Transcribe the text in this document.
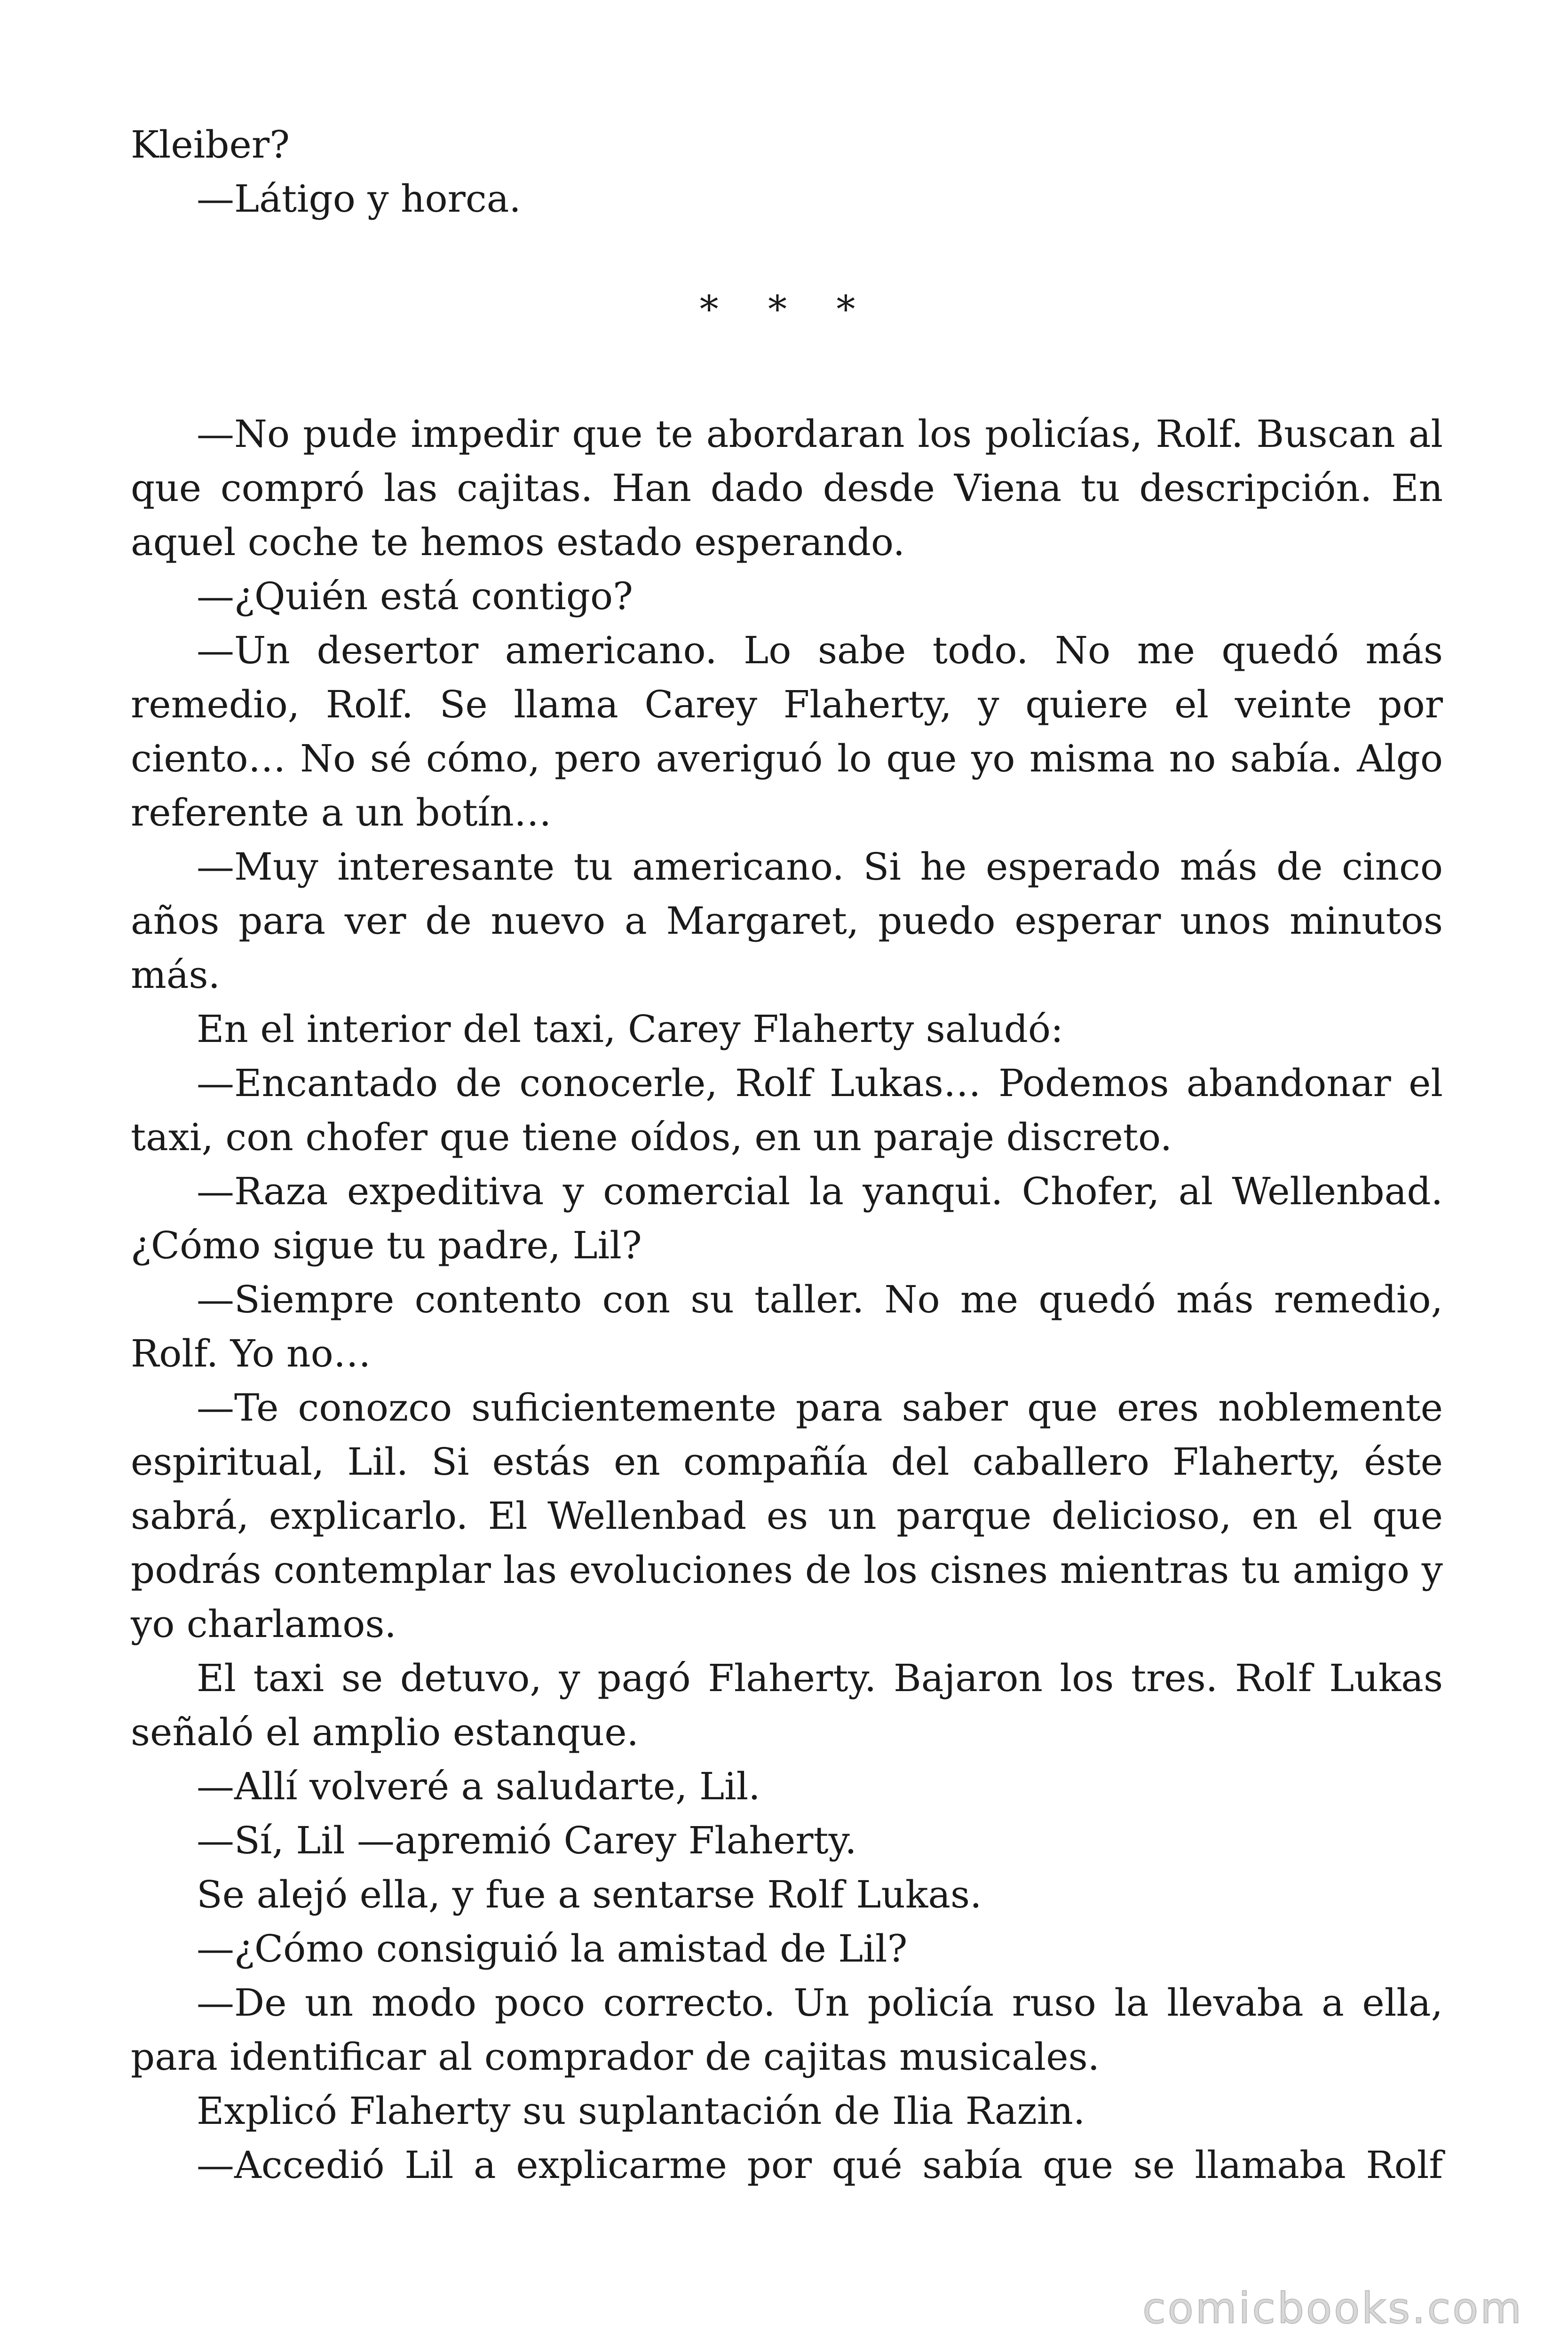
Kleiber?

—Látigo y horca.

* * *

—No pude impedir que te abordaran los policías, Rolf. Buscan al que compró las cajitas. Han dado desde Viena tu descripción. En aquel coche te hemos estado esperando.

—¿Quién está contigo?

—Un desertor americano. Lo sabe todo. No me quedó más remedio, Rolf. Se llama Carey Flaherty, y quiere el veinte por ciento… No sé cómo, pero averiguó lo que yo misma no sabía. Algo referente a un botín…

—Muy interesante tu americano. Si he esperado más de cinco años para ver de nuevo a Margaret, puedo esperar unos minutos más.

En el interior del taxi, Carey Flaherty saludó:

—Encantado de conocerle, Rolf Lukas… Podemos abandonar el taxi, con chofer que tiene oídos, en un paraje discreto.

—Raza expeditiva y comercial la yanqui. Chofer, al Wellenbad. ¿Cómo sigue tu padre, Lil?

—Siempre contento con su taller. No me quedó más remedio, Rolf. Yo no…

—Te conozco suficientemente para saber que eres noblemente espiritual, Lil. Si estás en compañía del caballero Flaherty, éste sabrá, explicarlo. El Wellenbad es un parque delicioso, en el que podrás contemplar las evoluciones de los cisnes mientras tu amigo y yo charlamos.

El taxi se detuvo, y pagó Flaherty. Bajaron los tres. Rolf Lukas señaló el amplio estanque.

—Allí volveré a saludarte, Lil.

—Sí, Lil —apremió Carey Flaherty.

Se alejó ella, y fue a sentarse Rolf Lukas.

—¿Cómo consiguió la amistad de Lil?

—De un modo poco correcto. Un policía ruso la llevaba a ella, para identificar al comprador de cajitas musicales.

Explicó Flaherty su suplantación de Ilia Razin.

—Accedió Lil a explicarme por qué sabía que se llamaba Rolf

comicbooks.com
